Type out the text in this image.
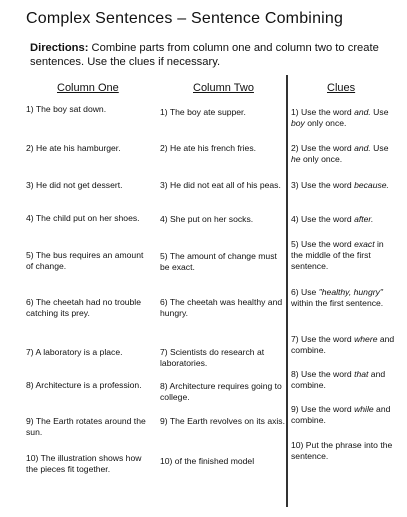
Complex Sentences – Sentence Combining
Directions: Combine parts from column one and column two to create sentences. Use the clues if necessary.
Column One	Column Two	Clues
1) The boy sat down.
2) He ate his hamburger.
3) He did not get dessert.
4) The child put on her shoes.
5) The bus requires an amount of change.
6) The cheetah had no trouble catching its prey.
7) A laboratory is a place.
8) Architecture is a profession.
9) The Earth rotates around the sun.
10) The illustration shows how the pieces fit together.
1) The boy ate supper.
2) He ate his french fries.
3) He did not eat all of his peas.
4) She put on her socks.
5) The amount of change must be exact.
6) The cheetah was healthy and hungry.
7) Scientists do research at laboratories.
8) Architecture requires going to college.
9) The Earth revolves on its axis.
10) of the finished model
1) Use the word and. Use boy only once.
2) Use the word and. Use he only once.
3) Use the word because.
4) Use the word after.
5) Use the word exact in the middle of the first sentence.
6) Use "healthy, hungry" within the first sentence.
7) Use the word where and combine.
8) Use the word that and combine.
9) Use the word while and combine.
10) Put the phrase into the sentence.
